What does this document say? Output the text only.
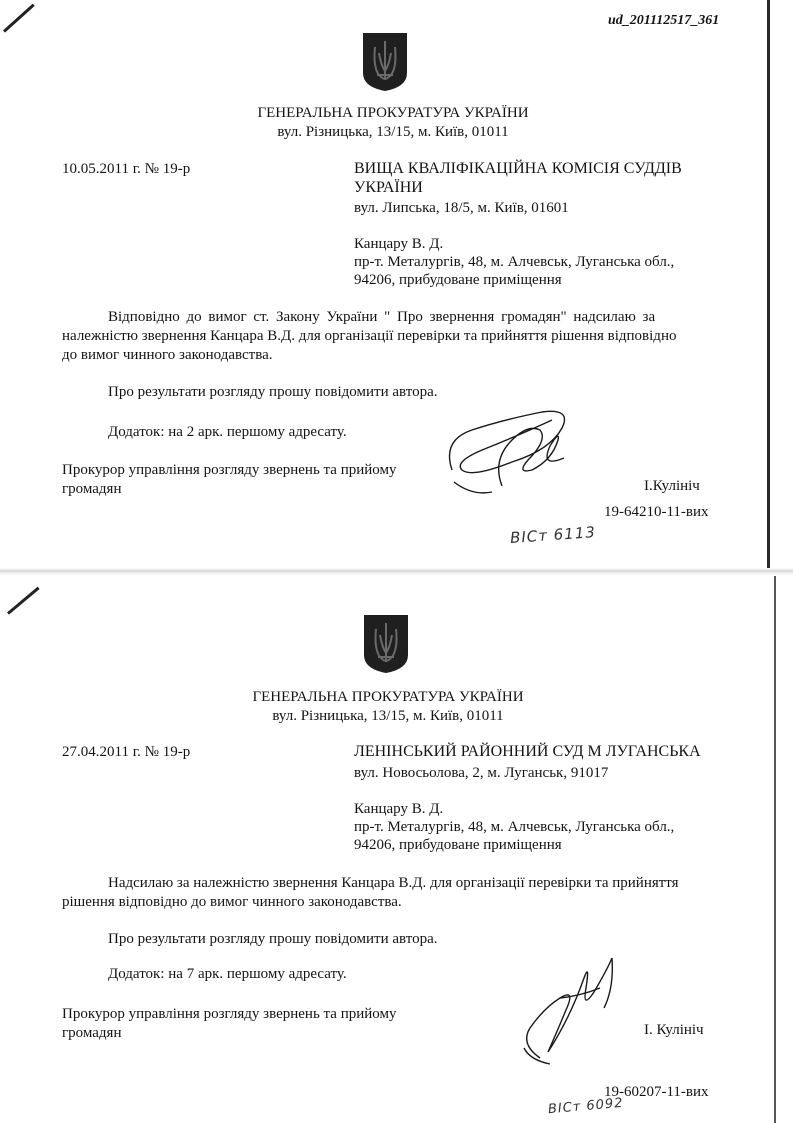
ud_201112517_361
ГЕНЕРАЛЬНА ПРОКУРАТУРА УКРАЇНИ
вул. Різницька, 13/15, м. Київ, 01011
10.05.2011 г. № 19-р	ВИЩА КВАЛІФІКАЦІЙНА КОМІСІЯ СУДДІВ
УКРАЇНИ
вул. Липська, 18/5, м. Київ, 01601
Канцару В. Д.
пр-т. Металургів, 48, м. Алчевськ, Луганська обл.,
94206, прибудоване приміщення
Відповідно до вимог ст. Закону України " Про звернення громадян" надсилаю за
належністю звернення Канцара В.Д. для організації перевірки та прийняття рішення відповідно
до вимог чинного законодавства.
Про результати розгляду прошу повідомити автора.
Додаток: на 2 арк. першому адресату.
Прокурор управління розгляду звернень та прийому
громадян	І.Кулініч
19-64210-11-вих
ВІСт 6113
ГЕНЕРАЛЬНА ПРОКУРАТУРА УКРАЇНИ
вул. Різницька, 13/15, м. Київ, 01011
27.04.2011 г. № 19-р	ЛЕНІНСЬКИЙ РАЙОННИЙ СУД М ЛУГАНСЬКА
вул. Новосьолова, 2, м. Луганськ, 91017
Канцару В. Д.
пр-т. Металургів, 48, м. Алчевськ, Луганська обл.,
94206, прибудоване приміщення
Надсилаю за належністю звернення Канцара В.Д. для організації перевірки та прийняття
рішення відповідно до вимог чинного законодавства.
Про результати розгляду прошу повідомити автора.
Додаток: на 7 арк. першому адресату.
Прокурор управління розгляду звернень та прийому
громадян	І. Кулініч
19-60207-11-вих
ВІСт 6092
